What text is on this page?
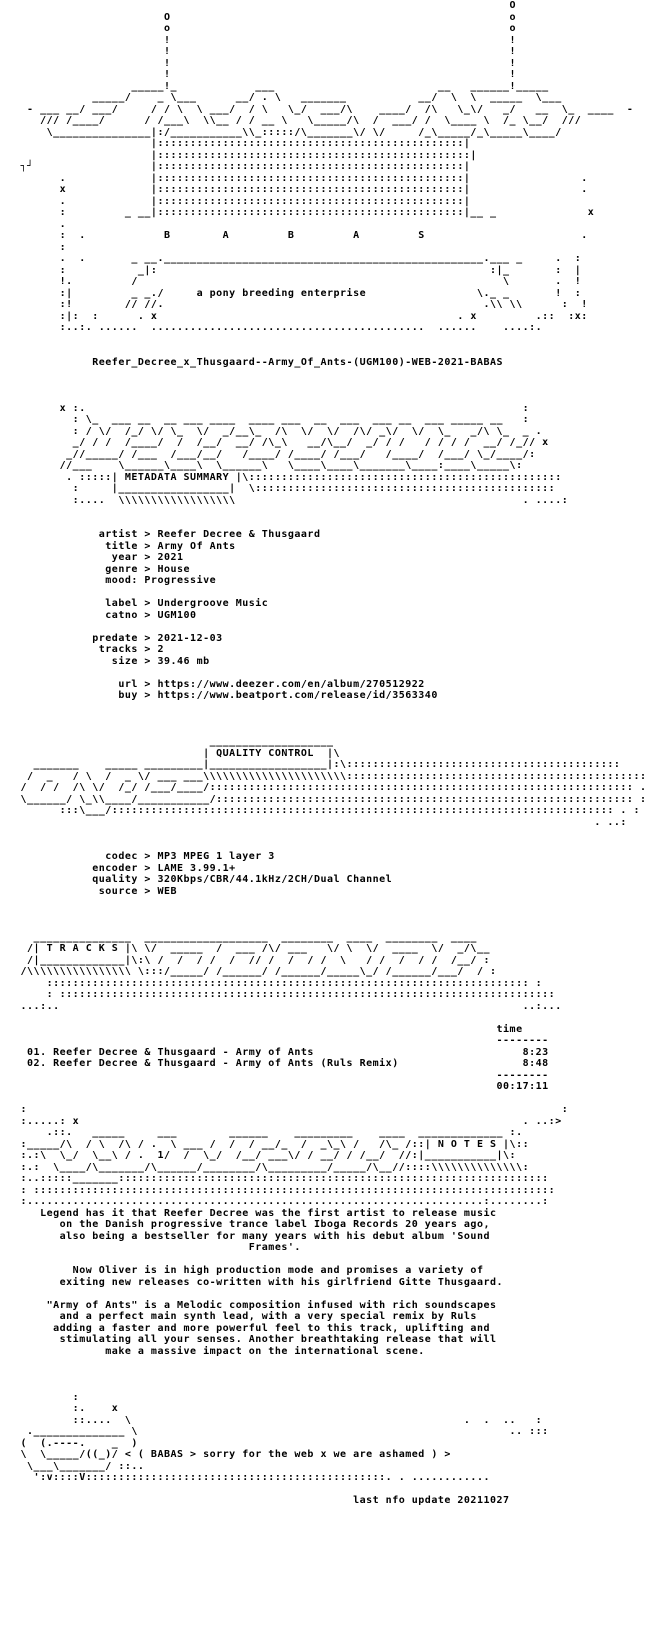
O
O                                                    o
o                                                    o
!                                                    !
!                                                    !
!                                                    !
!                                                    !
_____!_            ___                         __   ______!_____
_____/    _ \___      __/ . \   _______           __/  \  \  _____  \___
- ___ __/ ___/     / / \  \ ___/  / \   \_/  ___/\    ____/  /\   \_\/   _/   __  \_  ____  -
/// /____/      / /___\  \\__ / / __ \   \_____/\  /  ___/ /  \____ \  /_ \__/  ///
\_______________|:/___________\\_:::::/\_______\/ \/     /_\_____/_\_____\____/
|:::::::::::::::::::::::::::::::::::::::::::::::|
|::::::::::::::::::::::::::::::::::::::::::::::::|
┐┘                  |:::::::::::::::::::::::::::::::::::::::::::::::|
.             |:::::::::::::::::::::::::::::::::::::::::::::::|                 .
x             |:::::::::::::::::::::::::::::::::::::::::::::::|                 .
.             |:::::::::::::::::::::::::::::::::::::::::::::::|
:         _ __|:::::::::::::::::::::::::::::::::::::::::::::::|__ _              x
.
:  .            B        A         B         A         S                        .
:
.  .       _ __._________________________________________________.___ _     .  :
:           _|:                                                   :|_       :  |
!.         /                                                        \       .  !
:|         _ _./     a pony breeding enterprise                 \._ _       !  :
:!        // //.                                                 .\\ \\      :  !
:|:  :      . x                                              . x         .::  :x:
:..:. ......  ..........................................  ......    ....:.

Reefer_Decree_x_Thusgaard--Army_Of_Ants-(UGM100)-WEB-2021-BABAS

x :.                                                                   :
: \_  ___ __  __ ___ ____  ____ ___  __  ___  ___ __  ___ _____ __   :
: / \/  /_/ \/ \_  \/  _/__\_  /\  \/  \/  /\/ _\/  \/  \_   _/\ \_  _ .
_/ / /  /____/  /  /__/  __/ /\_\   __/\__/  _/ / /   / / / /  __/ /_// x
_//_____/ /___  /___/__/   /____/ /____/ /___/   /____/  /___/ \_/____/:
//___    \______\____\  \______\   \____\____\_______\____:____\_____\:
. :::::| METADATA SUMMARY |\::::::::::::::::::::::::::::::::::::::::::::::::
:     |_________________|  \::::::::::::::::::::::::::::::::::::::::::::::
:....  \\\\\\\\\\\\\\\\\\                                            . ....:

artist > Reefer Decree & Thusgaard
title > Army Of Ants
year > 2021
genre > House
mood: Progressive

label > Undergroove Music
catno > UGM100

predate > 2021-12-03
tracks > 2
size > 39.46 mb

url > https://www.deezer.com/en/album/270512922
buy > https://www.beatport.com/release/id/3563340

___________________
| QUALITY CONTROL  |\
_______    _____ _________|__________________|:\::::::::::::::::::::::::::::::::::::::::::
/  _   / \  /  _ \/ ___ ___\\\\\\\\\\\\\\\\\\\\\\::::::::::::::::::::::::::::::::::::::::::::::
/  / /  /\ \/  /_/ /___/____/::::::::::::::::::::::::::::::::::::::::::::::::::::::::::::::::: .
\______/ \_\\____/___________/:::::::::::::::::::::::::::::::::::::::::::::::::::::::::::::::: :
:::\___/::::::::::::::::::::::::::::::::::::::::::::::::::::::::::::::::::::::::::::: . :
. ..:

codec > MP3 MPEG 1 layer 3
encoder > LAME 3.99.1+
quality > 320Kbps/CBR/44.1kHz/2CH/Dual Channel
source > WEB

_______________  ___________________  ________  ____  ________  ____
/| T R A C K S |\ \/  _____  /  ___ /\/ ___   \/ \  \/  ____  \/  _/\__
/|_____________|\:\ /  /  / /  /  // /  /  / /  \   / /  /  / /  /__/ :
/\\\\\\\\\\\\\\\\ \:::/_____/ /______/ /______/_____\_/ /______/___/  / :
:::::::::::::::::::::::::::::::::::::::::::::::::::::::::::::::::::::::::: :
: ::::::::::::::::::::::::::::::::::::::::::::::::::::::::::::::::::::::::::::
...:..                                                                       ..:...

time
--------
01. Reefer Decree & Thusgaard - Army of Ants                                8:23
02. Reefer Decree & Thusgaard - Army of Ants (Ruls Remix)                   8:48
--------
00:17:11

:                                                                                  :
:.....: x                                                                    . ..:>
.::.   _____     ___        ______    _________    ____  _____________ :.
:_____/\  / \  /\ / .  \ ___ /  /  / __/_  /  _\_\ /   /\_ /::| N O T E S |\::
:.:\  \_/  \__\ / .  1/  /  \_/  /__/ ___\/ / __/ / /__/  //:|___________|\:
:.:  \____/\_______/\______/________/\_________/_____/\__//::::\\\\\\\\\\\\\\:
:..:::::_______::::::::::::::::::::::::::::::::::::::::::::::::::::::::::::::::::
: ::::::::::::::::::::::::::::::::::::::::::::::::::::::::::::::::::::::::::::::::
:......................................................................:........:
Legend has it that Reefer Decree was the first artist to release music
on the Danish progressive trance label Iboga Records 20 years ago,
also being a bestseller for many years with his debut album 'Sound
Frames'.

Now Oliver is in high production mode and promises a variety of
exiting new releases co-written with his girlfriend Gitte Thusgaard.

"Army of Ants" is a Melodic composition infused with rich soundscapes
and a perfect main synth lead, with a very special remix by Ruls
adding a faster and more powerful feel to this track, uplifting and
stimulating all your senses. Another breathtaking release that will
make a massive impact on the international scene.

:
:.    x
::....  \                                                   .  .  ..   :
.______________ \                                                         .. :::
(  (.----.    _  )
\  \_____/((_)/ < ( BABAS > sorry for the web x we are ashamed ) >
\___\_______/ ::..
':v::::V::::::::::::::::::::::::::::::::::::::::::::::. . ............

last nfo update 20211027
